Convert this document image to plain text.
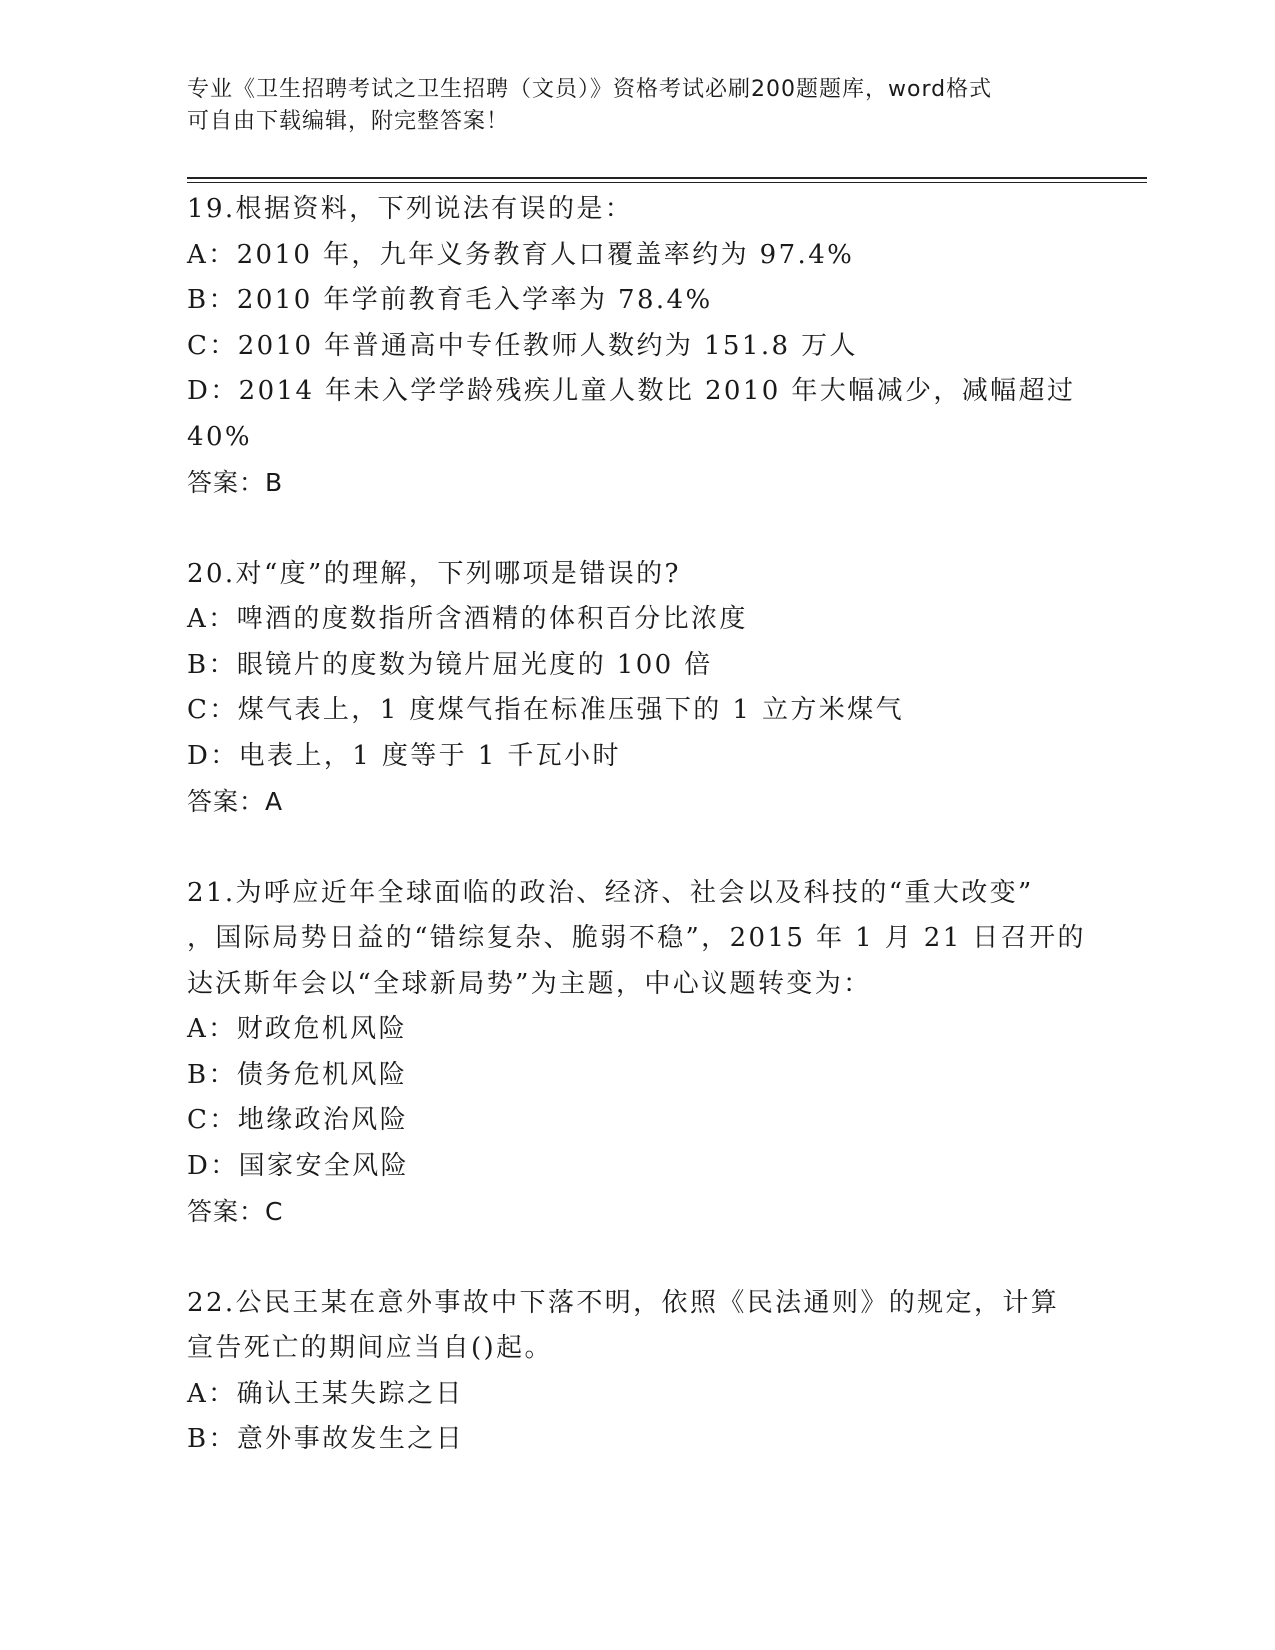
专业《卫生招聘考试之卫生招聘（文员）》资格考试必刷200题题库，word格式
可自由下载编辑，附完整答案！
19.根据资料，下列说法有误的是：
A：2010 年，九年义务教育人口覆盖率约为 97.4%
B：2010 年学前教育毛入学率为 78.4%
C：2010 年普通高中专任教师人数约为 151.8 万人
D：2014 年未入学学龄残疾儿童人数比 2010 年大幅减少，减幅超过
40%
答案：B
20.对“度”的理解，下列哪项是错误的?
A：啤酒的度数指所含酒精的体积百分比浓度
B：眼镜片的度数为镜片屈光度的 100 倍
C：煤气表上，1 度煤气指在标准压强下的 1 立方米煤气
D：电表上，1 度等于 1 千瓦小时
答案：A
21.为呼应近年全球面临的政治、经济、社会以及科技的“重大改变”
，国际局势日益的“错综复杂、脆弱不稳”，2015 年 1 月 21 日召开的
达沃斯年会以“全球新局势”为主题，中心议题转变为：
A：财政危机风险
B：债务危机风险
C：地缘政治风险
D：国家安全风险
答案：C
22.公民王某在意外事故中下落不明，依照《民法通则》的规定，计算
宣告死亡的期间应当自()起。
A：确认王某失踪之日
B：意外事故发生之日
